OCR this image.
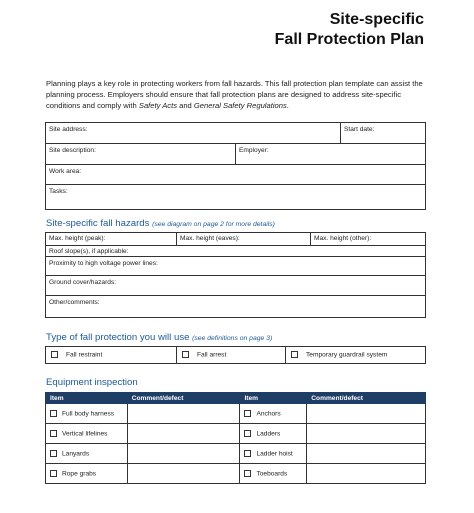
Site-specific
Fall Protection Plan
Planning plays a key role in protecting workers from fall hazards. This fall protection plan template can assist the planning process. Employers should ensure that fall protection plans are designed to address site-specific conditions and comply with Safety Acts and General Safety Regulations.
Site address:	Start date:
Site description:	Employer:
Work area:
Tasks:
Site-specific fall hazards (see diagram on page 2 for more details)
Max. height (peak):	Max. height (eaves):	Max. height (other):
Roof slope(s), if applicable:
Proximity to high voltage power lines:
Ground cover/hazards:
Other/comments:
Type of fall protection you will use (see definitions on page 3)
Fall restraint	Fall arrest	Temporary guardrail system
Equipment inspection
Item	Comment/defect	Item	Comment/defect
Full body harness		Anchors	
Vertical lifelines		Ladders	
Lanyards		Ladder hoist	
Rope grabs		Toeboards	
